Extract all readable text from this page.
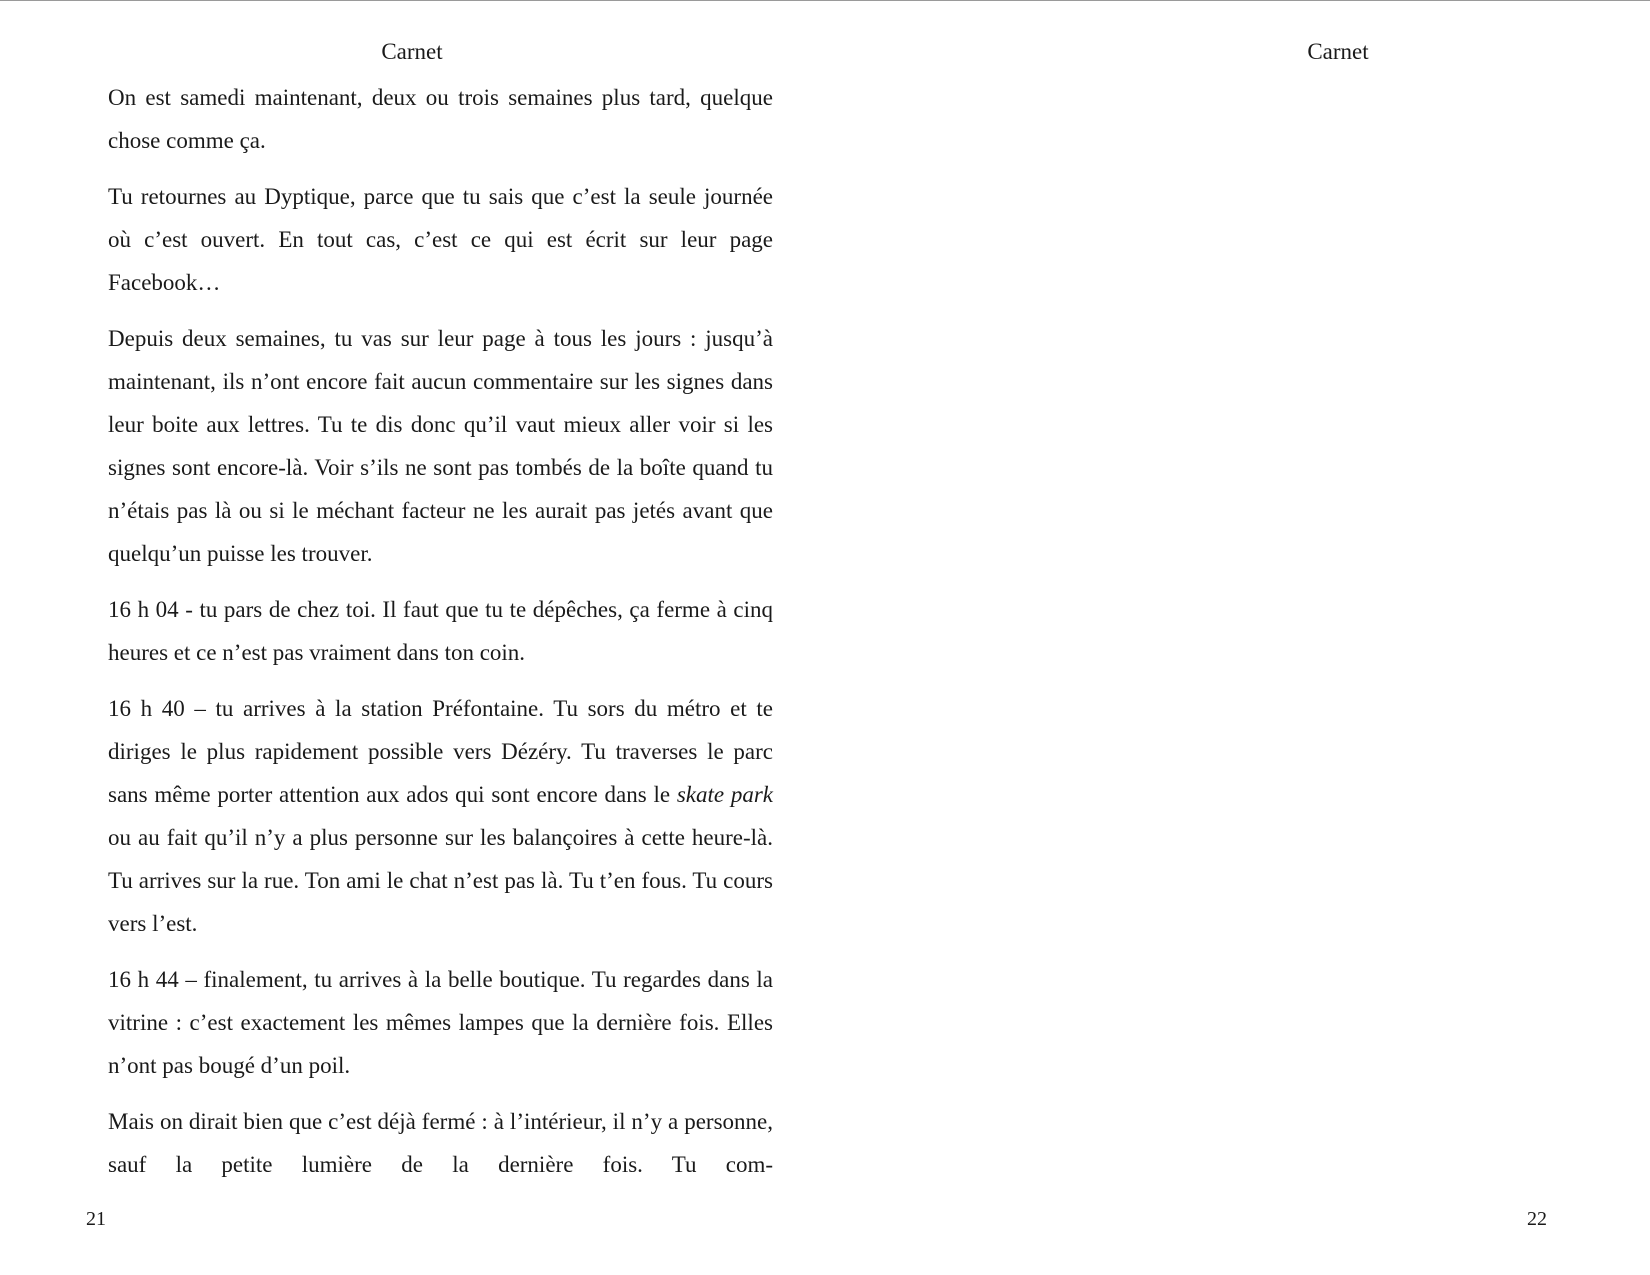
Carnet

On est samedi maintenant, deux ou trois semaines plus tard, quelque chose comme ça.

Tu retournes au Dyptique, parce que tu sais que c’est la seule journée où c’est ouvert. En tout cas, c’est ce qui est écrit sur leur page Facebook…

Depuis deux semaines, tu vas sur leur page à tous les jours : jusqu’à maintenant, ils n’ont encore fait aucun commentaire sur les signes dans leur boite aux lettres. Tu te dis donc qu’il vaut mieux aller voir si les signes sont encore-là. Voir s’ils ne sont pas tombés de la boîte quand tu n’étais pas là ou si le méchant facteur ne les aurait pas jetés avant que quelqu’un puisse les trouver.

16 h 04 - tu pars de chez toi. Il faut que tu te dépêches, ça ferme à cinq heures et ce n’est pas vraiment dans ton coin.

16 h 40 – tu arrives à la station Préfontaine. Tu sors du métro et te diriges le plus rapidement possible vers Dézéry. Tu traverses le parc sans même porter attention aux ados qui sont encore dans le skate park ou au fait qu’il n’y a plus personne sur les balançoires à cette heure-là. Tu arrives sur la rue. Ton ami le chat n’est pas là. Tu t’en fous. Tu cours vers l’est.

16 h 44 – finalement, tu arrives à la belle boutique. Tu regardes dans la vitrine : c’est exactement les mêmes lampes que la dernière fois. Elles n’ont pas bougé d’un poil.

Mais on dirait bien que c’est déjà fermé : à l’intérieur, il n’y a personne, sauf la petite lumière de la dernière fois. Tu com-

21
Carnet
22
